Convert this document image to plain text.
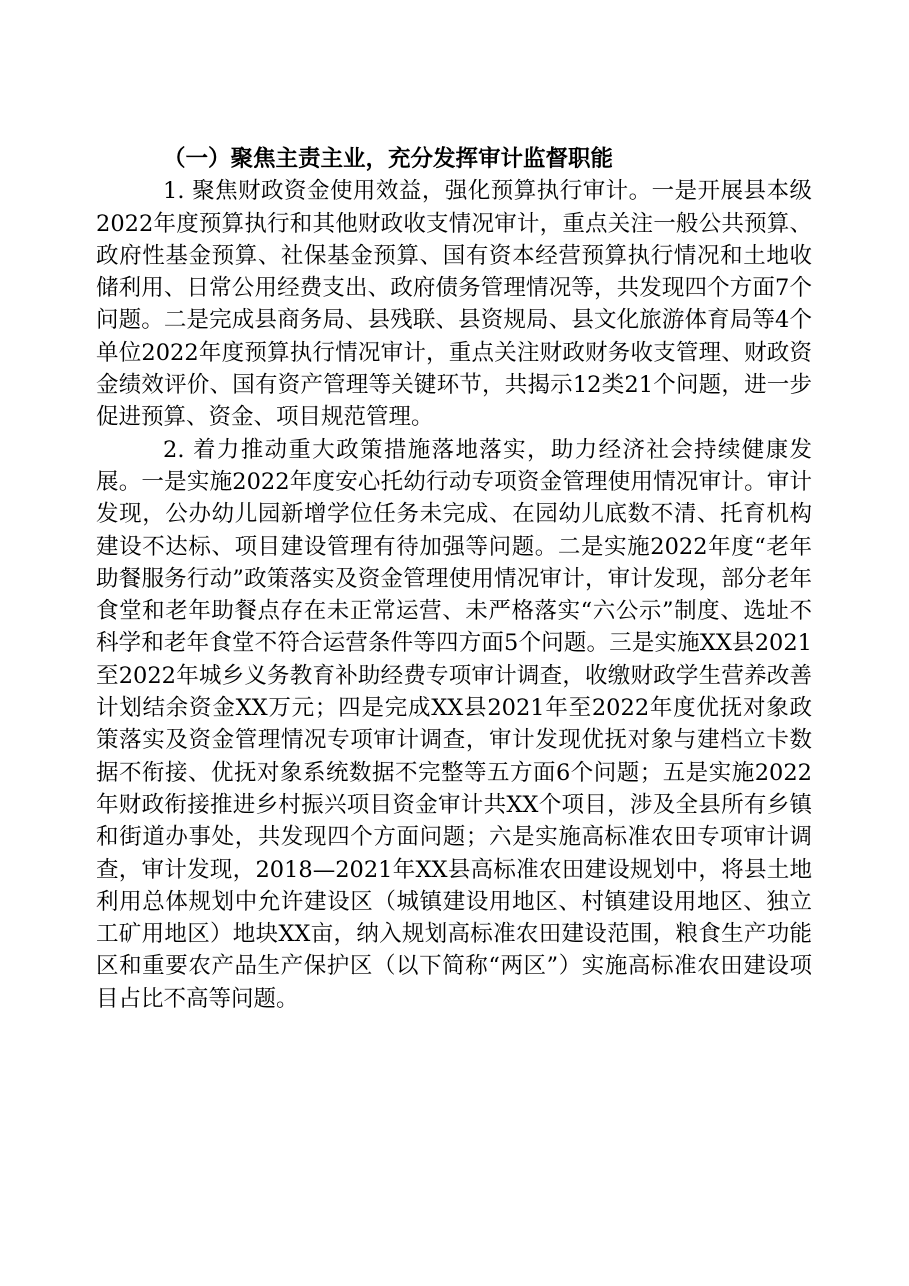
（一）聚焦主责主业，充分发挥审计监督职能

1. 聚焦财政资金使用效益，强化预算执行审计。一是开展县本级2022年度预算执行和其他财政收支情况审计，重点关注一般公共预算、政府性基金预算、社保基金预算、国有资本经营预算执行情况和土地收储利用、日常公用经费支出、政府债务管理情况等，共发现四个方面7个问题。二是完成县商务局、县残联、县资规局、县文化旅游体育局等4个单位2022年度预算执行情况审计，重点关注财政财务收支管理、财政资金绩效评价、国有资产管理等关键环节，共揭示12类21个问题，进一步促进预算、资金、项目规范管理。

2. 着力推动重大政策措施落地落实，助力经济社会持续健康发展。一是实施2022年度安心托幼行动专项资金管理使用情况审计。审计发现，公办幼儿园新增学位任务未完成、在园幼儿底数不清、托育机构建设不达标、项目建设管理有待加强等问题。二是实施2022年度“老年助餐服务行动”政策落实及资金管理使用情况审计，审计发现，部分老年食堂和老年助餐点存在未正常运营、未严格落实“六公示”制度、选址不科学和老年食堂不符合运营条件等四方面5个问题。三是实施XX县2021至2022年城乡义务教育补助经费专项审计调查，收缴财政学生营养改善计划结余资金XX万元；四是完成XX县2021年至2022年度优抚对象政策落实及资金管理情况专项审计调查，审计发现优抚对象与建档立卡数据不衔接、优抚对象系统数据不完整等五方面6个问题；五是实施2022年财政衔接推进乡村振兴项目资金审计共XX个项目，涉及全县所有乡镇和街道办事处，共发现四个方面问题；六是实施高标准农田专项审计调查，审计发现，2018—2021年XX县高标准农田建设规划中，将县土地利用总体规划中允许建设区（城镇建设用地区、村镇建设用地区、独立工矿用地区）地块XX亩，纳入规划高标准农田建设范围，粮食生产功能区和重要农产品生产保护区（以下简称“两区”）实施高标准农田建设项目占比不高等问题。
